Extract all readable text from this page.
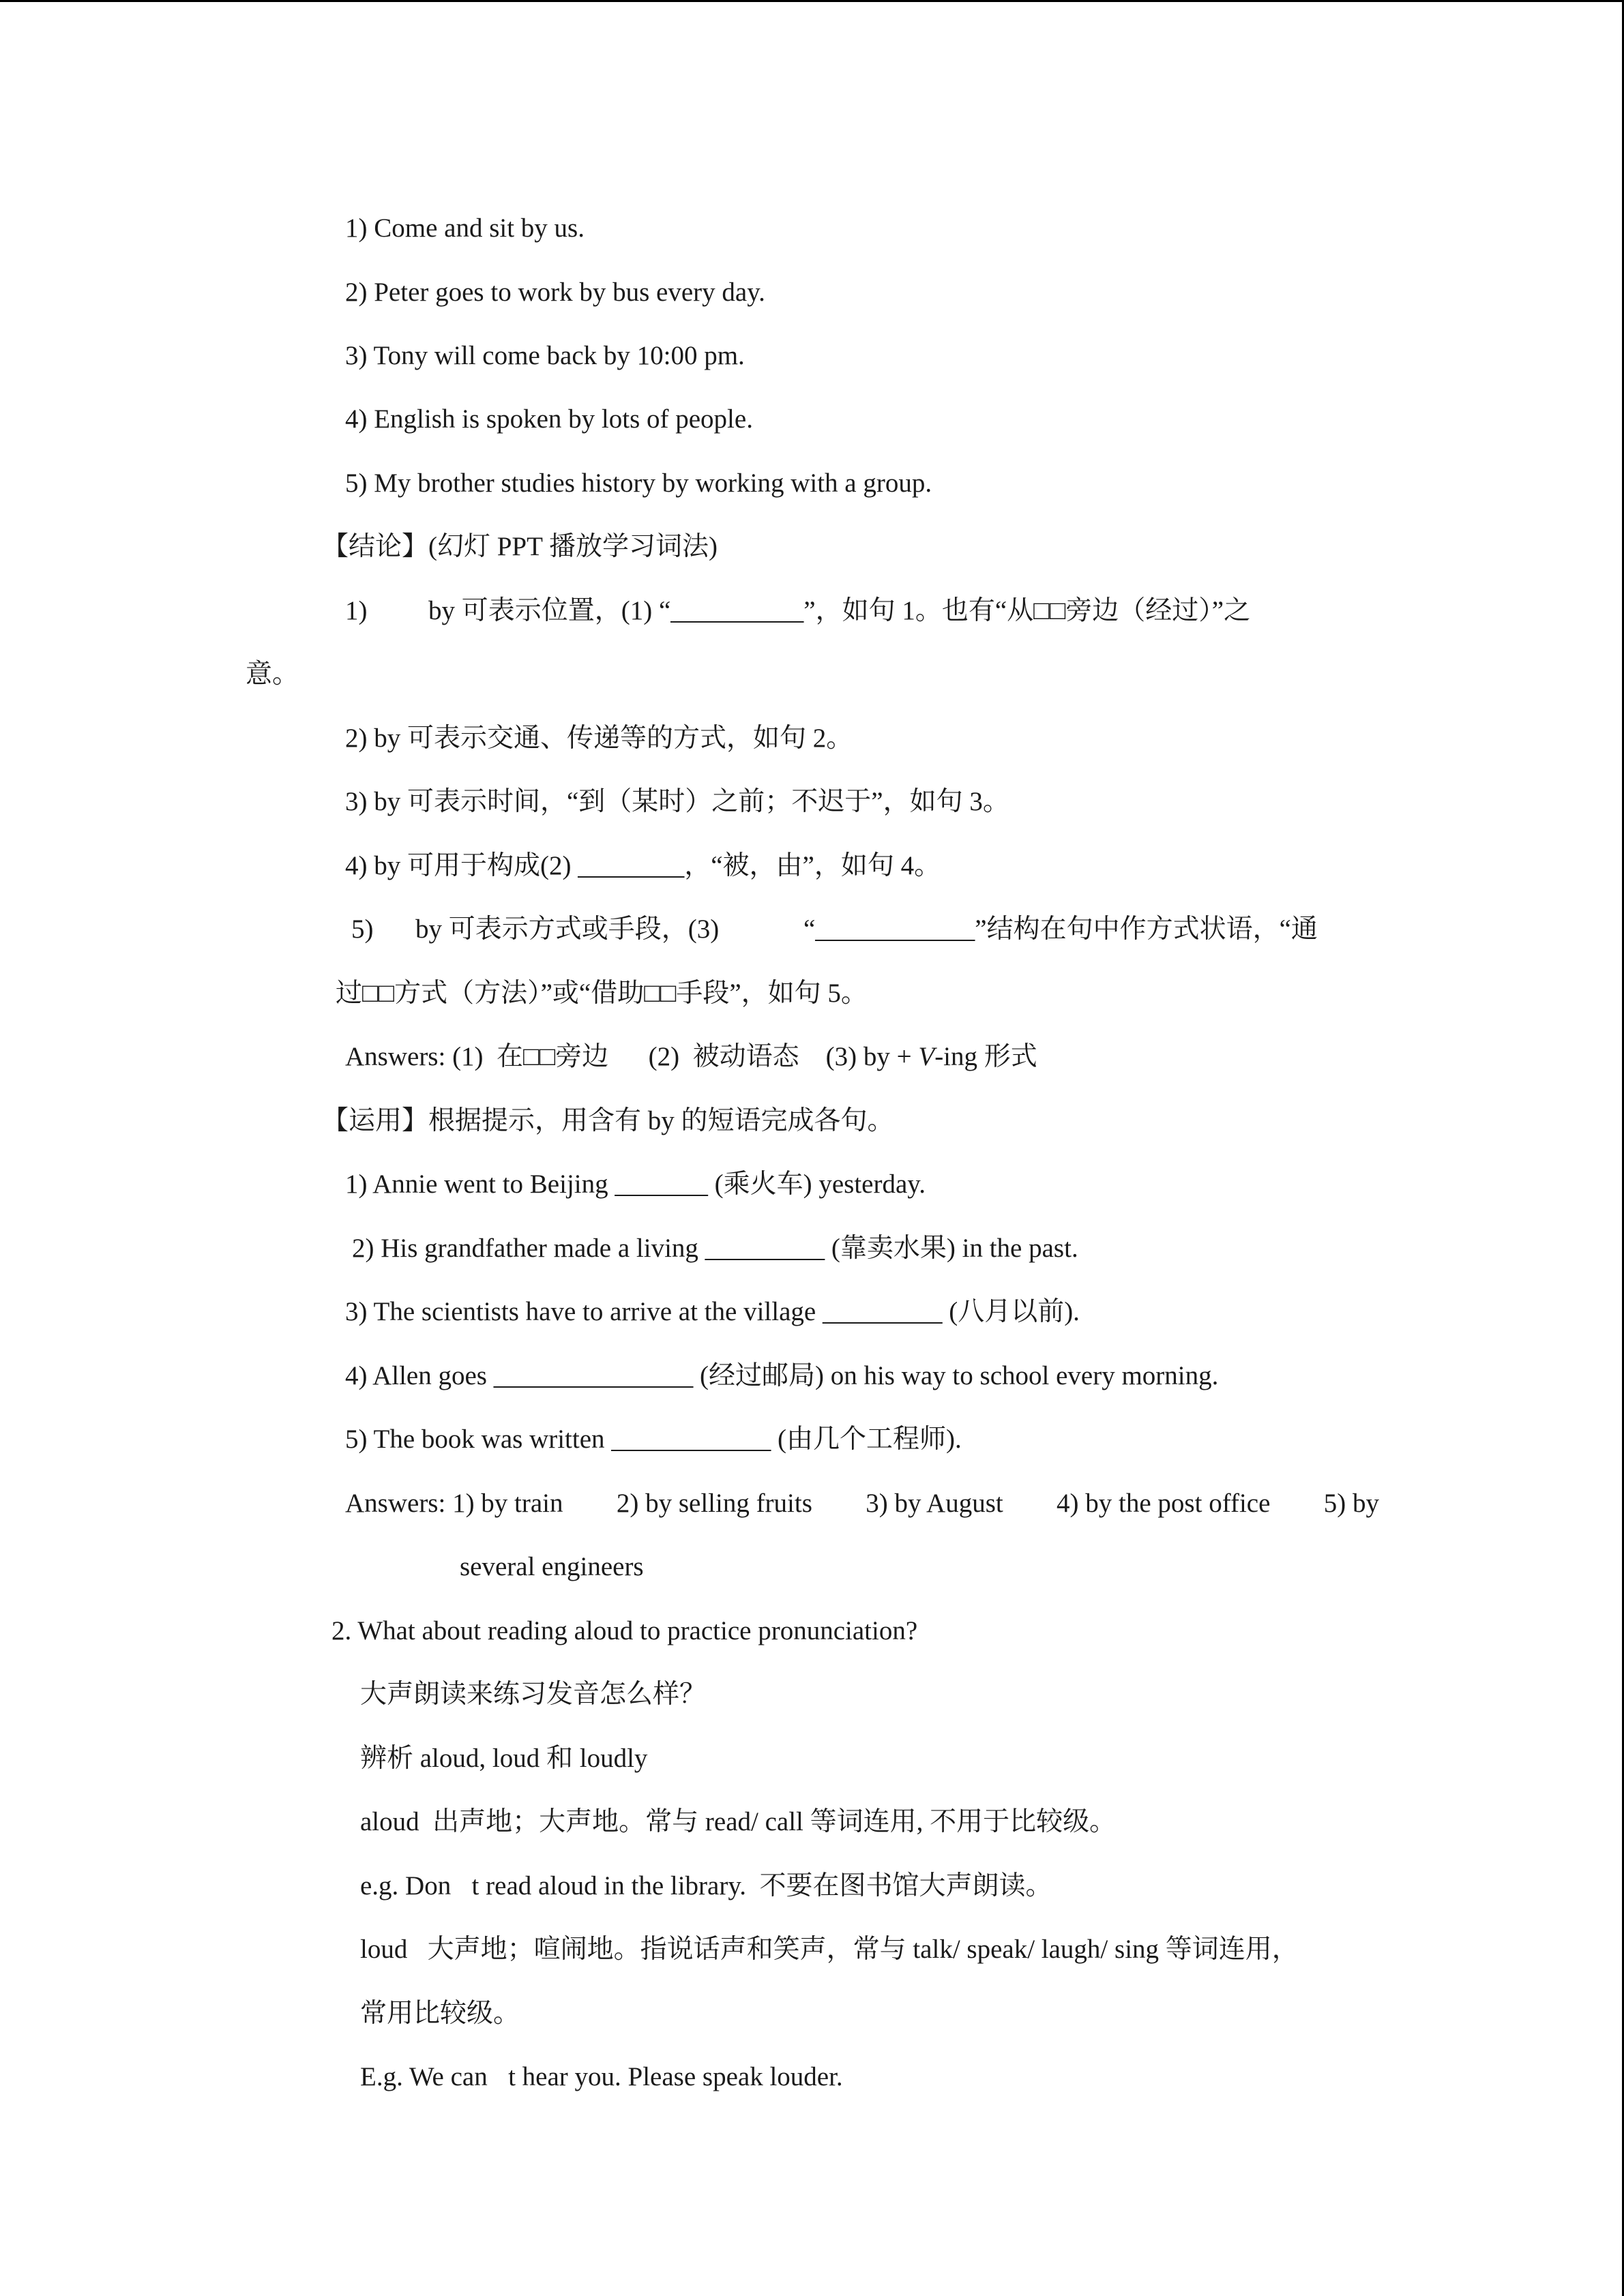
1) Come and sit by us.
2) Peter goes to work by bus every day.
3) Tony will come back by 10:00 pm.
4) English is spoken by lots of people.
5) My brother studies history by working with a group.
【结论】(幻灯 PPT 播放学习词法)
1) by 可表示位置，(1) “__________”，如句 1。也有“从□□旁边（经过）”之
意。
2) by 可表示交通、传递等的方式，如句 2。
3) by 可表示时间，“到（某时）之前；不迟于”，如句 3。
4) by 可用于构成(2) ________，“被，由”，如句 4。
5) by 可表示方式或手段，(3)	“____________”结构在句中作方式状语，“通
过□□方式（方法）”或“借助□□手段”，如句 5。
Answers: (1)  在□□旁边      (2)  被动语态    (3) by + V-ing 形式
【运用】根据提示，用含有 by 的短语完成各句。
1) Annie went to Beijing _______ (乘火车) yesterday.
2) His grandfather made a living _________ (靠卖水果) in the past.
3) The scientists have to arrive at the village _________ (八月以前).
4) Allen goes _______________ (经过邮局) on his way to school every morning.
5) The book was written ____________ (由几个工程师).
Answers: 1) by train 2) by selling fruits 3) by August 4) by the post office 5) by
several engineers
2. What about reading aloud to practice pronunciation?
大声朗读来练习发音怎么样？
辨析 aloud, loud 和 loudly
aloud  出声地；大声地。常与 read/ call 等词连用, 不用于比较级。
e.g. Don t read aloud in the library.  不要在图书馆大声朗读。
loud   大声地；喧闹地。指说话声和笑声，常与 talk/ speak/ laugh/ sing 等词连用，
常用比较级。
E.g. We can t hear you. Please speak louder.
